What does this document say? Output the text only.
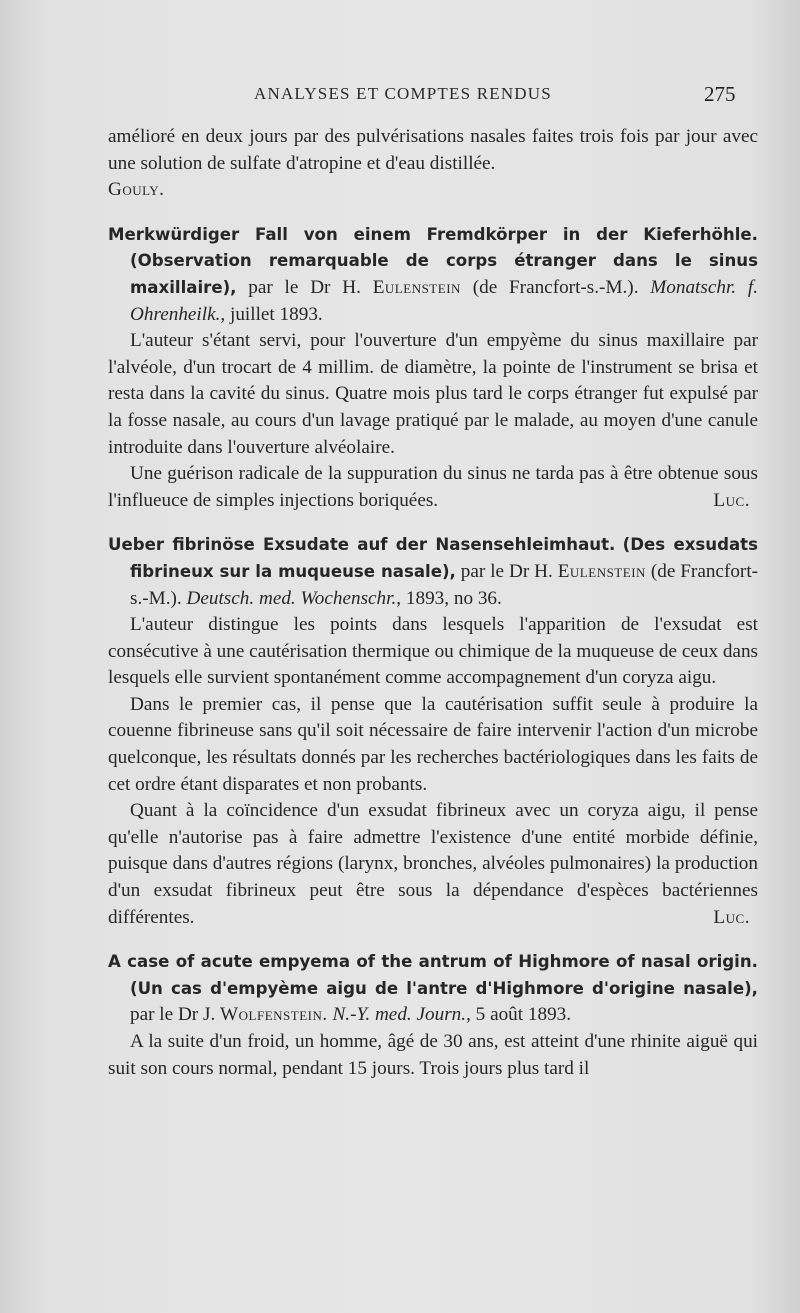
ANALYSES ET COMPTES RENDUS	275

amélioré en deux jours par des pulvérisations nasales faites trois fois par jour avec une solution de sulfate d'atropine et d'eau distillée.

Gouly.

Merkwürdiger Fall von einem Fremdkörper in der Kieferhöhle. (Observation remarquable de corps étranger dans le sinus maxillaire), par le Dr H. Eulenstein (de Francfort-s.-M.). Monatschr. f. Ohrenheilk., juillet 1893.

L'auteur s'étant servi, pour l'ouverture d'un empyème du sinus maxillaire par l'alvéole, d'un trocart de 4 millim. de diamètre, la pointe de l'instrument se brisa et resta dans la cavité du sinus. Quatre mois plus tard le corps étranger fut expulsé par la fosse nasale, au cours d'un lavage pratiqué par le malade, au moyen d'une canule introduite dans l'ouverture alvéolaire.

Une guérison radicale de la suppuration du sinus ne tarda pas à être obtenue sous l'influeuce de simples injections boriquées.	Luc.

Ueber fibrinöse Exsudate auf der Nasensehleimhaut. (Des exsudats fibrineux sur la muqueuse nasale), par le Dr H. Eulenstein (de Francfort-s.-M.). Deutsch. med. Wochenschr., 1893, no 36.

L'auteur distingue les points dans lesquels l'apparition de l'exsudat est consécutive à une cautérisation thermique ou chimique de la muqueuse de ceux dans lesquels elle survient spontanément comme accompagnement d'un coryza aigu.

Dans le premier cas, il pense que la cautérisation suffit seule à produire la couenne fibrineuse sans qu'il soit nécessaire de faire intervenir l'action d'un microbe quelconque, les résultats donnés par les recherches bactériologiques dans les faits de cet ordre étant disparates et non probants.

Quant à la coïncidence d'un exsudat fibrineux avec un coryza aigu, il pense qu'elle n'autorise pas à faire admettre l'existence d'une entité morbide définie, puisque dans d'autres régions (larynx, bronches, alvéoles pulmonaires) la production d'un exsudat fibrineux peut être sous la dépendance d'espèces bactériennes différentes.	Luc.

A case of acute empyema of the antrum of Highmore of nasal origin. (Un cas d'empyème aigu de l'antre d'Highmore d'origine nasale), par le Dr J. Wolfenstein. N.-Y. med. Journ., 5 août 1893.

A la suite d'un froid, un homme, âgé de 30 ans, est atteint d'une rhinite aiguë qui suit son cours normal, pendant 15 jours. Trois jours plus tard il
